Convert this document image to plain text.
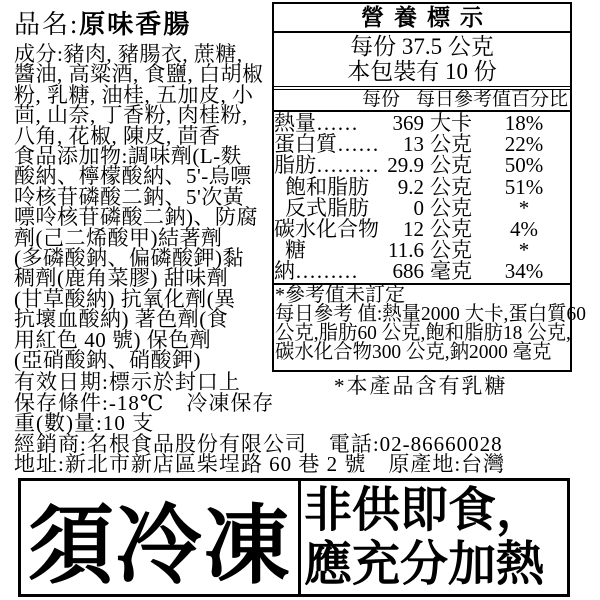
品名:原味香腸
成分:豬肉, 豬腸衣, 蔗糖,
醬油, 高粱酒, 食鹽, 白胡椒
粉, 乳糖, 油桂, 五加皮, 小
茴, 山奈, 丁香粉, 肉桂粉,
八角, 花椒, 陳皮, 茴香
食品添加物:調味劑(L-麩
酸納、檸檬酸納、5'-烏嘌
呤核苷磷酸二鈉、5'次黃
嘌呤核苷磷酸二鈉)、防腐
劑(己二烯酸甲)結著劑
(多磷酸鈉、偏磷酸鉀)黏
稠劑(鹿角菜膠) 甜味劑
(甘草酸納) 抗氧化劑(異
抗壞血酸納) 著色劑(食
用紅色 40 號) 保色劑
(亞硝酸鈉、硝酸鉀)
營養標示
每份 37.5 公克
本包裝有 10 份
每份 每日參考值百分比
熱量……	369 大卡	18%
蛋白質……	13 公克	22%
脂肪……… 29.9 公克	50%
飽和脂肪	9.2 公克	51%
反式脂肪	0 公克	*
碳水化合物	12 公克	4%
糖	11.6 公克	*
納………	686 毫克	34%
*參考值未訂定
每日參考 值:熱量2000 大卡,蛋白質60
公克,脂肪60 公克,飽和脂肪18 公克,
碳水化合物300 公克,鈉2000 毫克
*本產品含有乳糖
有效日期:標示於封口上
保存條件:-18℃　冷凍保存
重(數)量:10 支
經銷商:名根食品股份有限公司　電話:02-86660028
地址:新北市新店區柴埕路 60 巷 2 號　原產地:台灣
須冷凍 非供即食，
應充分加熱
